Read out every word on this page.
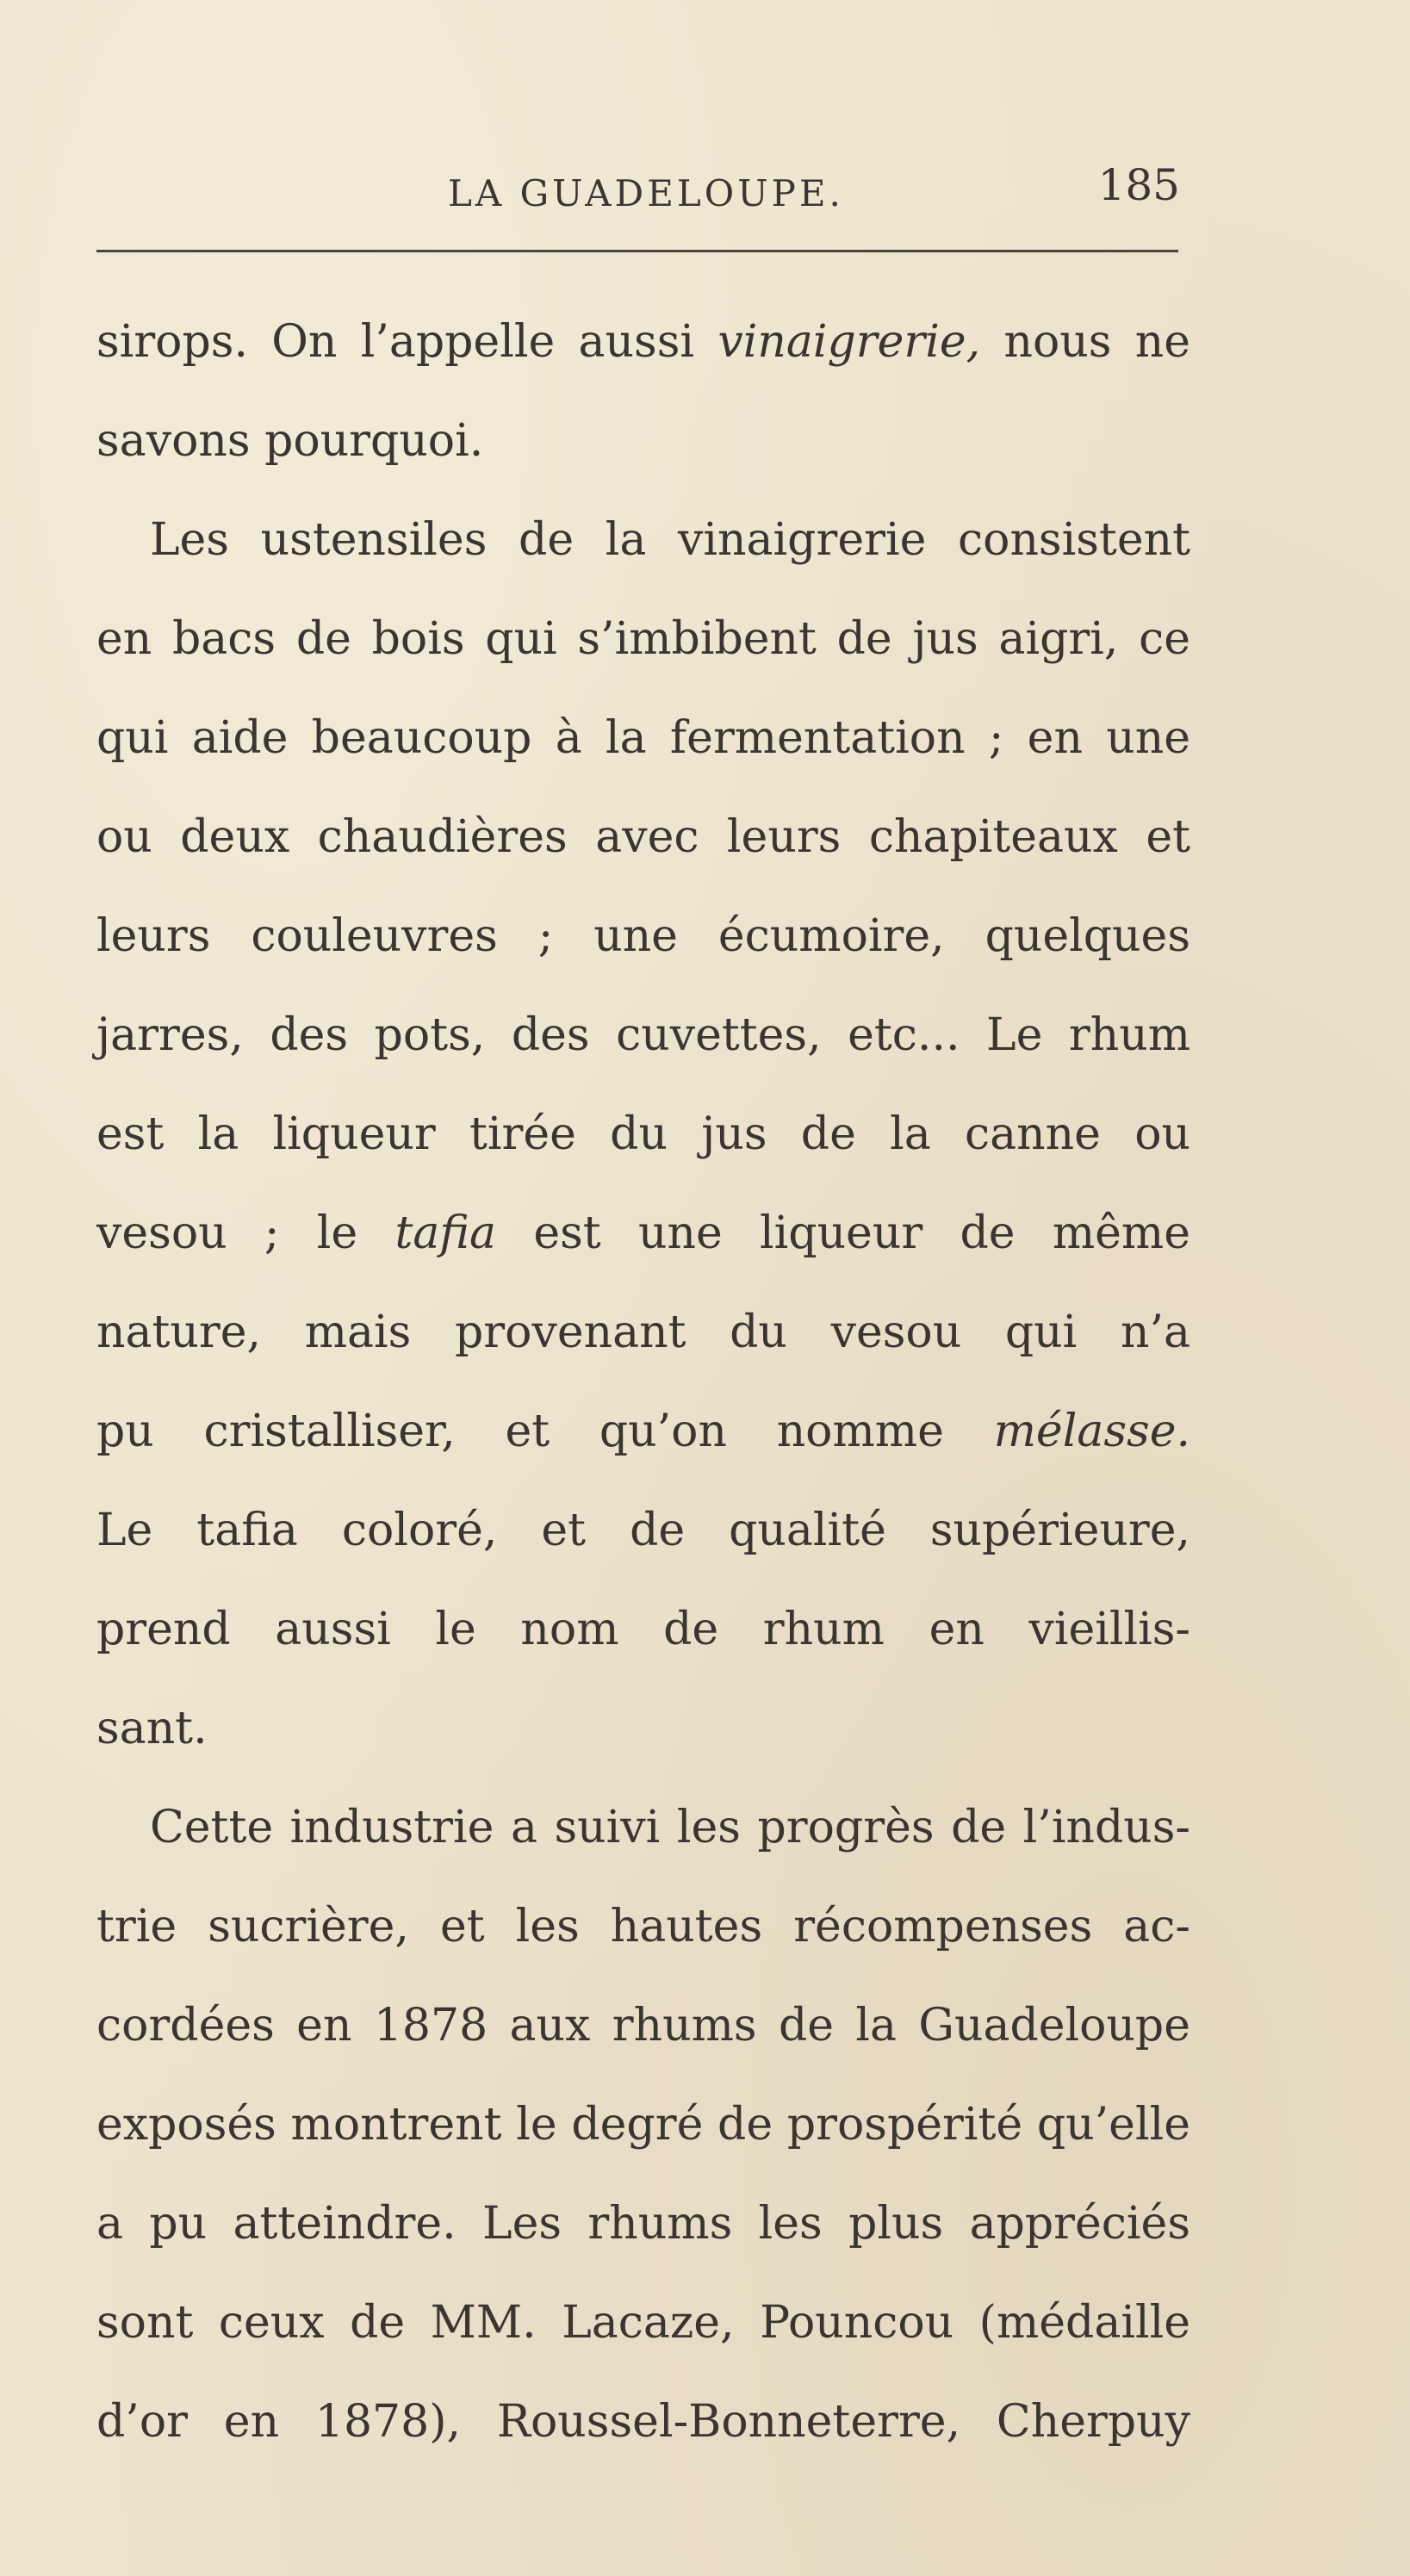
LA GUADELOUPE.	185
sirops. On l’appelle aussi vinaigrerie, nous ne
savons pourquoi.
Les ustensiles de la vinaigrerie consistent
en bacs de bois qui s’imbibent de jus aigri, ce
qui aide beaucoup à la fermentation ; en une
ou deux chaudières avec leurs chapiteaux et
leurs couleuvres ; une écumoire, quelques
jarres, des pots, des cuvettes, etc... Le rhum
est la liqueur tirée du jus de la canne ou
vesou ; le tafia est une liqueur de même
nature, mais provenant du vesou qui n’a
pu cristalliser, et qu’on nomme mélasse.
Le tafia coloré, et de qualité supérieure,
prend aussi le nom de rhum en vieillis-
sant.
Cette industrie a suivi les progrès de l’indus-
trie sucrière, et les hautes récompenses ac-
cordées en 1878 aux rhums de la Guadeloupe
exposés montrent le degré de prospérité qu’elle
a pu atteindre. Les rhums les plus appréciés
sont ceux de MM. Lacaze, Pouncou (médaille
d’or en 1878), Roussel-Bonneterre, Cherpuy
